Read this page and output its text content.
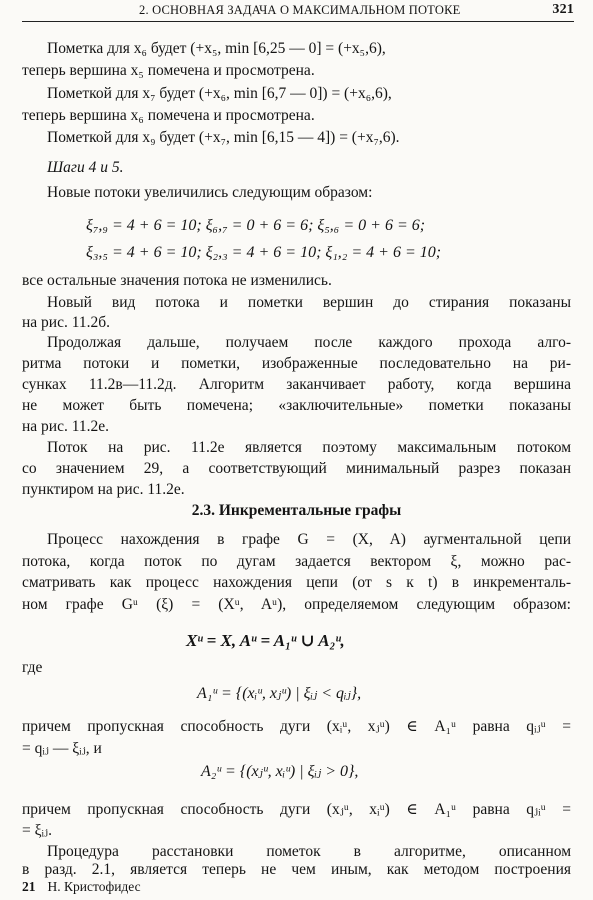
2. ОСНОВНАЯ ЗАДАЧА О МАКСИМАЛЬНОМ ПОТОКЕ	321
Пометка для x₆ будет (+x₅, min [6,25 — 0] = (+x₅,6),
теперь вершина x₅ помечена и просмотрена.
Пометкой для x₇ будет (+x₆, min [6,7 — 0]) = (+x₆,6),
теперь вершина x₆ помечена и просмотрена.
Пометкой для x₉ будет (+x₇, min [6,15 — 4]) = (+x₇,6).
Шаги 4 и 5.
Новые потоки увеличились следующим образом:
ξ₇,₉ = 4 + 6 = 10; ξ₆,₇ = 0 + 6 = 6; ξ₅,₆ = 0 + 6 = 6;
ξ₃,₅ = 4 + 6 = 10; ξ₂,₃ = 4 + 6 = 10; ξ₁,₂ = 4 + 6 = 10;
все остальные значения потока не изменились.
Новый вид потока и пометки вершин до стирания показаны
на рис. 11.2б.
Продолжая дальше, получаем после каждого прохода алго-
ритма потоки и пометки, изображенные последовательно на ри-
сунках 11.2в—11.2д. Алгоритм заканчивает работу, когда вершина
не может быть помечена; «заключительные» пометки показаны
на рис. 11.2е.
Поток на рис. 11.2е является поэтому максимальным потоком
со значением 29, а соответствующий минимальный разрез показан
пунктиром на рис. 11.2е.
2.3. Инкрементальные графы
Процесс нахождения в графе G = (X, A) аугментальной цепи
потока, когда поток по дугам задается вектором ξ, можно рас-
сматривать как процесс нахождения цепи (от s к t) в инкременталь-
ном графе Gᵘ (ξ) = (Xᵘ, Aᵘ), определяемом следующим образом:
Xᵘ = X, Aᵘ = A₁ᵘ ∪ A₂ᵘ,
где
A₁ᵘ = {(xᵢᵘ, xⱼᵘ) | ξᵢⱼ < qᵢⱼ},
причем пропускная способность дуги (xᵢᵘ, xⱼᵘ) ∈ A₁ᵘ равна qᵢⱼᵘ =
= qᵢⱼ — ξᵢⱼ, и
A₂ᵘ = {(xⱼᵘ, xᵢᵘ) | ξᵢⱼ > 0},
причем пропускная способность дуги (xⱼᵘ, xᵢᵘ) ∈ A₁ᵘ равна qⱼᵢᵘ =
= ξᵢⱼ.
Процедура расстановки пометок в алгоритме, описанном
в разд. 2.1, является теперь не чем иным, как методом построения
21 Н. Кристофидес
